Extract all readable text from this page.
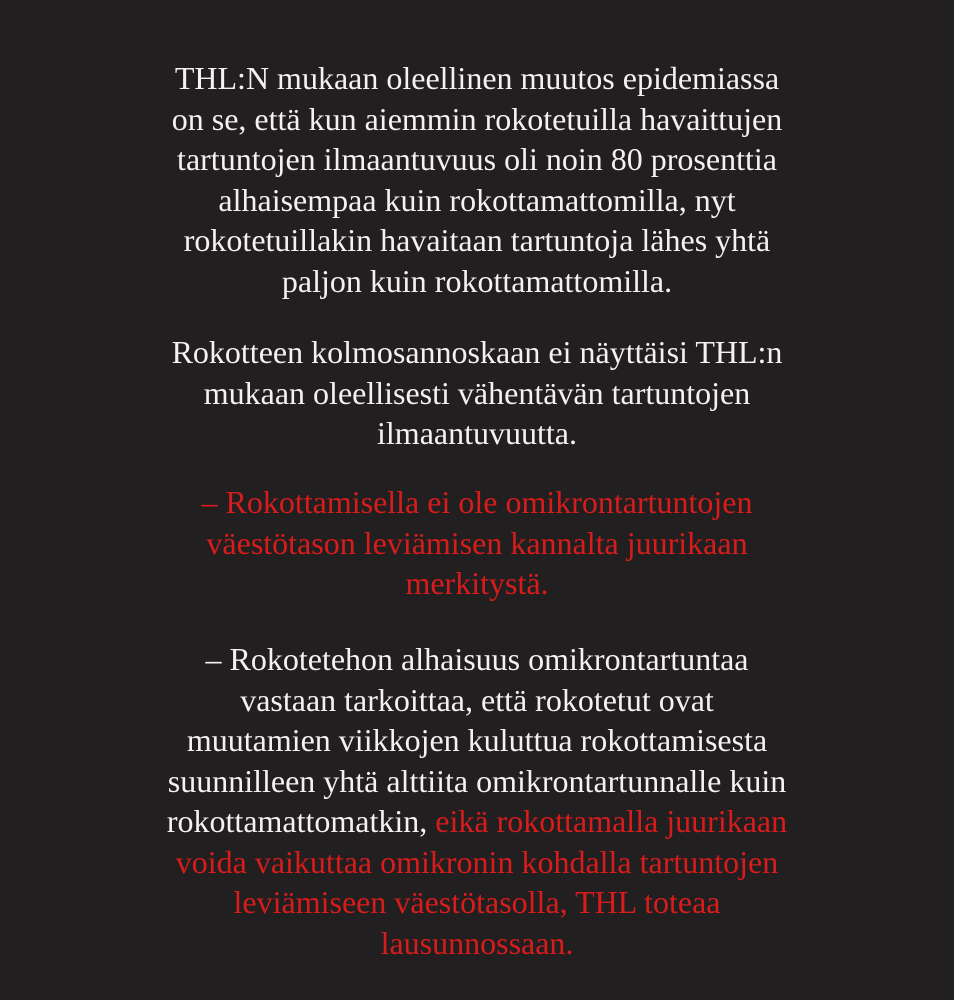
THL:N mukaan oleellinen muutos epidemiassa
on se, että kun aiemmin rokotetuilla havaittujen
tartuntojen ilmaantuvuus oli noin 80 prosenttia
alhaisempaa kuin rokottamattomilla, nyt
rokotetuillakin havaitaan tartuntoja lähes yhtä
paljon kuin rokottamattomilla.

Rokotteen kolmosannoskaan ei näyttäisi THL:n
mukaan oleellisesti vähentävän tartuntojen
ilmaantuvuutta.

– Rokottamisella ei ole omikrontartuntojen
väestötason leviämisen kannalta juurikaan
merkitystä.

– Rokotetehon alhaisuus omikrontartuntaa
vastaan tarkoittaa, että rokotetut ovat
muutamien viikkojen kuluttua rokottamisesta
suunnilleen yhtä alttiita omikrontartunnalle kuin
rokottamattomatkin, eikä rokottamalla juurikaan
voida vaikuttaa omikronin kohdalla tartuntojen
leviämiseen väestötasolla, THL toteaa
lausunnossaan.
